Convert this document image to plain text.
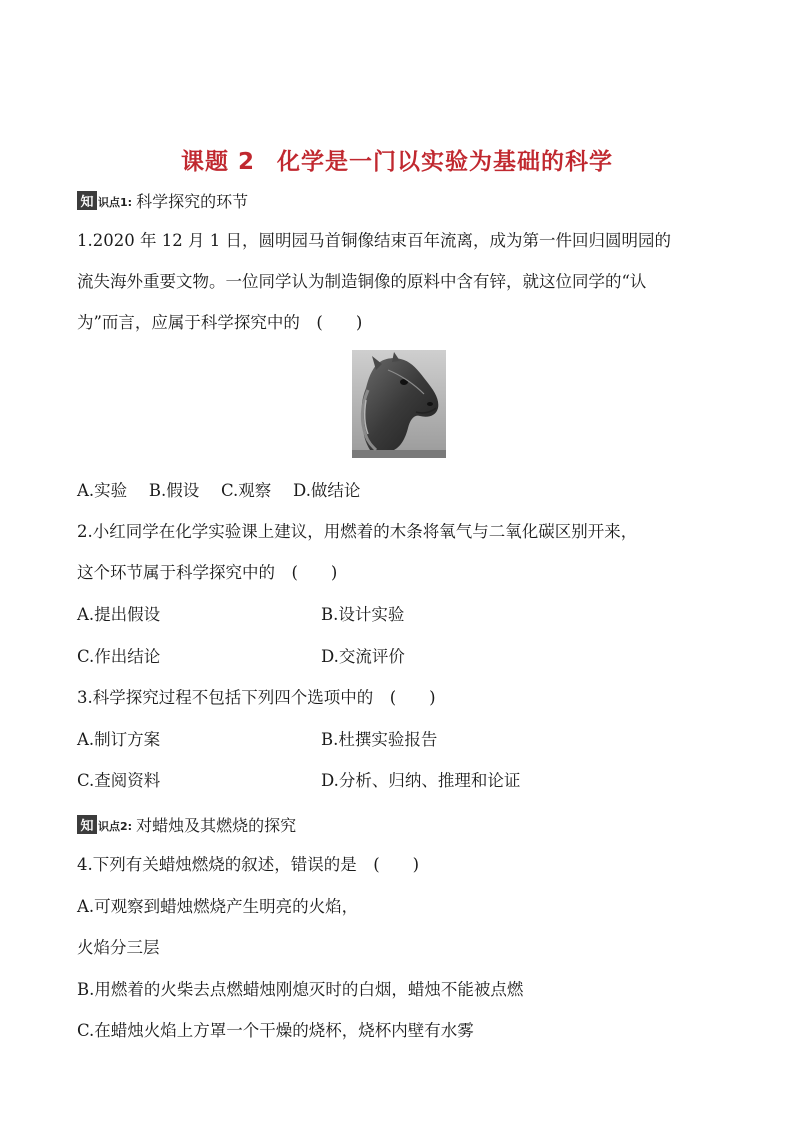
课题 2 化学是一门以实验为基础的科学
知 识点1: 科学探究的环节
1.2020 年 12 月 1 日，圆明园马首铜像结束百年流离，成为第一件回归圆明园的
流失海外重要文物。一位同学认为制造铜像的原料中含有锌，就这位同学的“认
为”而言，应属于科学探究中的　(　　)
A.实验　 B.假设　 C.观察　 D.做结论
2.小红同学在化学实验课上建议，用燃着的木条将氧气与二氧化碳区别开来，
这个环节属于科学探究中的　(　　)
A.提出假设	B.设计实验
C.作出结论	D.交流评价
3.科学探究过程不包括下列四个选项中的　(　　)
A.制订方案	B.杜撰实验报告
C.查阅资料	D.分析、归纳、推理和论证
知 识点2: 对蜡烛及其燃烧的探究
4.下列有关蜡烛燃烧的叙述，错误的是　(　　)
A.可观察到蜡烛燃烧产生明亮的火焰，
火焰分三层
B.用燃着的火柴去点燃蜡烛刚熄灭时的白烟，蜡烛不能被点燃
C.在蜡烛火焰上方罩一个干燥的烧杯，烧杯内壁有水雾
